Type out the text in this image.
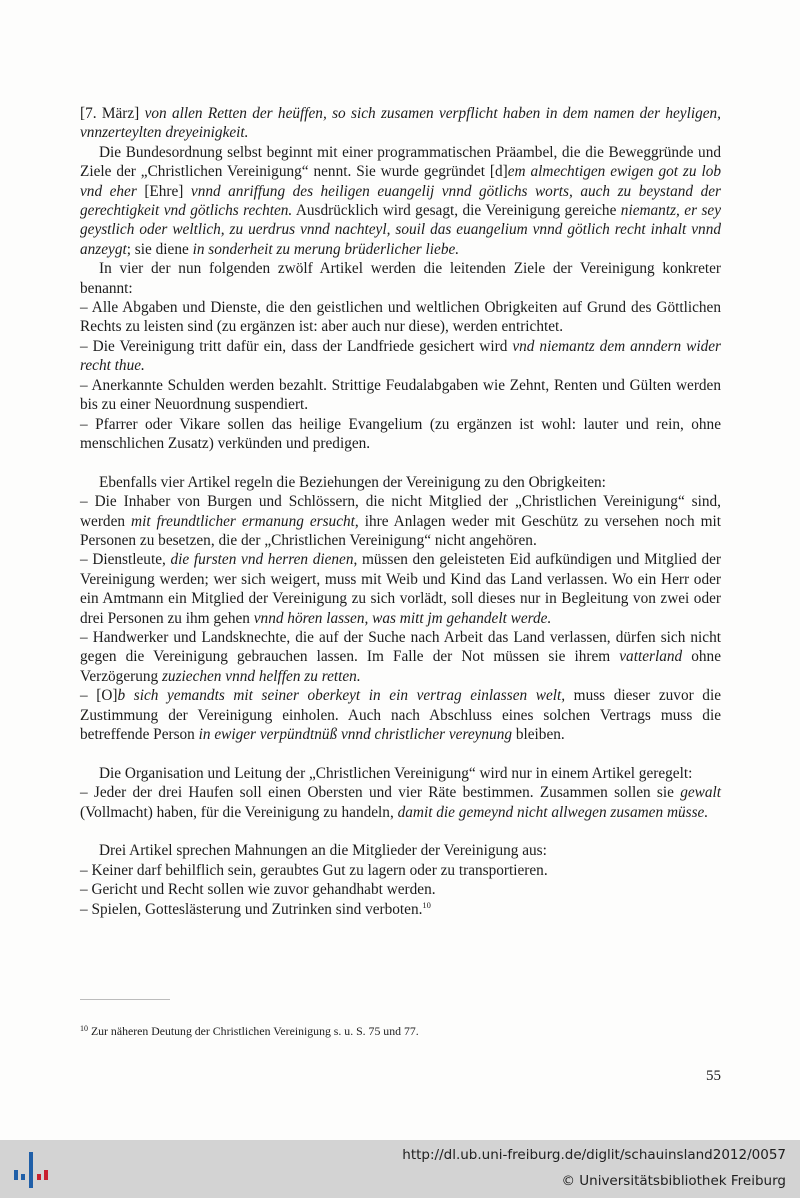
[7. März] von allen Retten der heüffen, so sich zusamen verpflicht haben in dem namen der heyligen, vnnzerteylten dreyeinigkeit.

Die Bundesordnung selbst beginnt mit einer programmatischen Präambel, die die Beweggründe und Ziele der „Christlichen Vereinigung“ nennt. Sie wurde gegründet [d]em almechtigen ewigen got zu lob vnd eher [Ehre] vnnd anriffung des heiligen euangelij vnnd götlichs worts, auch zu beystand der gerechtigkeit vnd götlichs rechten. Ausdrücklich wird gesagt, die Vereinigung gereiche niemantz, er sey geystlich oder weltlich, zu uerdrus vnnd nachteyl, souil das euangelium vnnd götlich recht inhalt vnnd anzeygt; sie diene in sonderheit zu merung brüderlicher liebe.

In vier der nun folgenden zwölf Artikel werden die leitenden Ziele der Vereinigung konkreter benannt:

– Alle Abgaben und Dienste, die den geistlichen und weltlichen Obrigkeiten auf Grund des Göttlichen Rechts zu leisten sind (zu ergänzen ist: aber auch nur diese), werden entrichtet.

– Die Vereinigung tritt dafür ein, dass der Landfriede gesichert wird vnd niemantz dem anndern wider recht thue.

– Anerkannte Schulden werden bezahlt. Strittige Feudalabgaben wie Zehnt, Renten und Gülten werden bis zu einer Neuordnung suspendiert.

– Pfarrer oder Vikare sollen das heilige Evangelium (zu ergänzen ist wohl: lauter und rein, ohne menschlichen Zusatz) verkünden und predigen.

Ebenfalls vier Artikel regeln die Beziehungen der Vereinigung zu den Obrigkeiten:

– Die Inhaber von Burgen und Schlössern, die nicht Mitglied der „Christlichen Vereinigung“ sind, werden mit freundtlicher ermanung ersucht, ihre Anlagen weder mit Geschütz zu versehen noch mit Personen zu besetzen, die der „Christlichen Vereinigung“ nicht angehören.

– Dienstleute, die fursten vnd herren dienen, müssen den geleisteten Eid aufkündigen und Mitglied der Vereinigung werden; wer sich weigert, muss mit Weib und Kind das Land verlassen. Wo ein Herr oder ein Amtmann ein Mitglied der Vereinigung zu sich vorlädt, soll dieses nur in Begleitung von zwei oder drei Personen zu ihm gehen vnnd hören lassen, was mitt jm gehandelt werde.

– Handwerker und Landsknechte, die auf der Suche nach Arbeit das Land verlassen, dürfen sich nicht gegen die Vereinigung gebrauchen lassen. Im Falle der Not müssen sie ihrem vatterland ohne Verzögerung zuziechen vnnd helffen zu retten.

– [O]b sich yemandts mit seiner oberkeyt in ein vertrag einlassen welt, muss dieser zuvor die Zustimmung der Vereinigung einholen. Auch nach Abschluss eines solchen Vertrags muss die betreffende Person in ewiger verpündtnüß vnnd christlicher vereynung bleiben.

Die Organisation und Leitung der „Christlichen Vereinigung“ wird nur in einem Artikel geregelt:

– Jeder der drei Haufen soll einen Obersten und vier Räte bestimmen. Zusammen sollen sie gewalt (Vollmacht) haben, für die Vereinigung zu handeln, damit die gemeynd nicht allwegen zusamen müsse.

Drei Artikel sprechen Mahnungen an die Mitglieder der Vereinigung aus:

– Keiner darf behilflich sein, geraubtes Gut zu lagern oder zu transportieren.

– Gericht und Recht sollen wie zuvor gehandhabt werden.

– Spielen, Gotteslästerung und Zutrinken sind verboten.$^{10}$

$^{10}$ Zur näheren Deutung der Christlichen Vereinigung s. u. S. 75 und 77.
55
http://dl.ub.uni-freiburg.de/diglit/schauinsland2012/0057
© Universitätsbibliothek Freiburg
